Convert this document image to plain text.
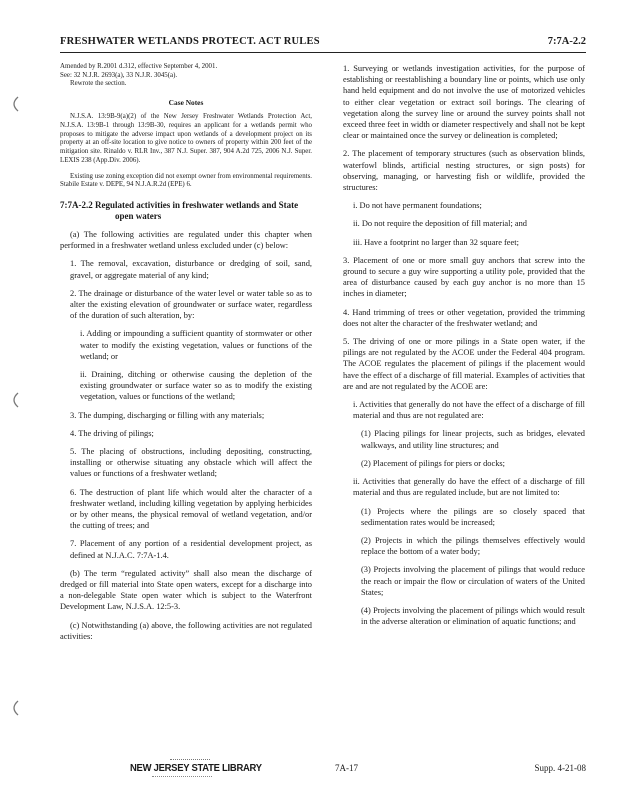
FRESHWATER WETLANDS PROTECT. ACT RULES	7:7A-2.2
Amended by R.2001 d.312, effective September 4, 2001.
See: 32 N.J.R. 2693(a), 33 N.J.R. 3045(a).
Rewrote the section.
Case Notes

N.J.S.A. 13:9B-9(a)(2) of the New Jersey Freshwater Wetlands Protection Act, N.J.S.A. 13:9B-1 through 13:9B-30, requires an applicant for a wetlands permit who proposes to mitigate the adverse impact upon wetlands of a development project on its property at an off-site location to give notice to owners of property within 200 feet of the mitigation site. Rinaldo v. RLR Inv., 387 N.J. Super. 387, 904 A.2d 725, 2006 N.J. Super. LEXIS 238 (App.Div. 2006).

Existing use zoning exception did not exempt owner from environmental requirements. Stabile Estate v. DEPE, 94 N.J.A.R.2d (EPE) 6.

7:7A-2.2 Regulated activities in freshwater wetlands and State open waters

(a) The following activities are regulated under this chapter when performed in a freshwater wetland unless excluded under (c) below:

1. The removal, excavation, disturbance or dredging of soil, sand, gravel, or aggregate material of any kind;

2. The drainage or disturbance of the water level or water table so as to alter the existing elevation of groundwater or surface water, regardless of the duration of such alteration, by:

i. Adding or impounding a sufficient quantity of stormwater or other water to modify the existing vegetation, values or functions of the wetland; or

ii. Draining, ditching or otherwise causing the depletion of the existing groundwater or surface water so as to modify the existing vegetation, values or functions of the wetland;

3. The dumping, discharging or filling with any materials;

4. The driving of pilings;

5. The placing of obstructions, including depositing, constructing, installing or otherwise situating any obstacle which will affect the values or functions of a freshwater wetland;

6. The destruction of plant life which would alter the character of a freshwater wetland, including killing vegetation by applying herbicides or by other means, the physical removal of wetland vegetation, and/or the cutting of trees; and

7. Placement of any portion of a residential development project, as defined at N.J.A.C. 7:7A-1.4.

(b) The term “regulated activity” shall also mean the discharge of dredged or fill material into State open waters, except for a discharge into a non-delegable State open water which is subject to the Waterfront Development Law, N.J.S.A. 12:5-3.

(c) Notwithstanding (a) above, the following activities are not regulated activities:

1. Surveying or wetlands investigation activities, for the purpose of establishing or reestablishing a boundary line or points, which use only hand held equipment and do not involve the use of motorized vehicles to either clear vegetation or extract soil borings. The clearing of vegetation along the survey line or around the survey points shall not exceed three feet in width or diameter respectively and shall not be kept clear or maintained once the survey or delineation is completed;

2. The placement of temporary structures (such as observation blinds, waterfowl blinds, artificial nesting structures, or sign posts) for observing, managing, or harvesting fish or wildlife, provided the structures:

i. Do not have permanent foundations;

ii. Do not require the deposition of fill material; and

iii. Have a footprint no larger than 32 square feet;

3. Placement of one or more small guy anchors that screw into the ground to secure a guy wire supporting a utility pole, provided that the area of disturbance caused by each guy anchor is no more than 15 inches in diameter;

4. Hand trimming of trees or other vegetation, provided the trimming does not alter the character of the freshwater wetland; and

5. The driving of one or more pilings in a State open water, if the pilings are not regulated by the ACOE under the Federal 404 program. The ACOE regulates the placement of pilings if the placement would have the effect of a discharge of fill material. Examples of activities that are and are not regulated by the ACOE are:

i. Activities that generally do not have the effect of a discharge of fill material and thus are not regulated are:

(1) Placing pilings for linear projects, such as bridges, elevated walkways, and utility line structures; and

(2) Placement of pilings for piers or docks;

ii. Activities that generally do have the effect of a discharge of fill material and thus are regulated include, but are not limited to:

(1) Projects where the pilings are so closely spaced that sedimentation rates would be increased;

(2) Projects in which the pilings themselves effectively would replace the bottom of a water body;

(3) Projects involving the placement of pilings that would reduce the reach or impair the flow or circulation of waters of the United States;

(4) Projects involving the placement of pilings which would result in the adverse alteration or elimination of aquatic functions; and

NEW JERSEY STATE LIBRARY	7A-17	Supp. 4-21-08
